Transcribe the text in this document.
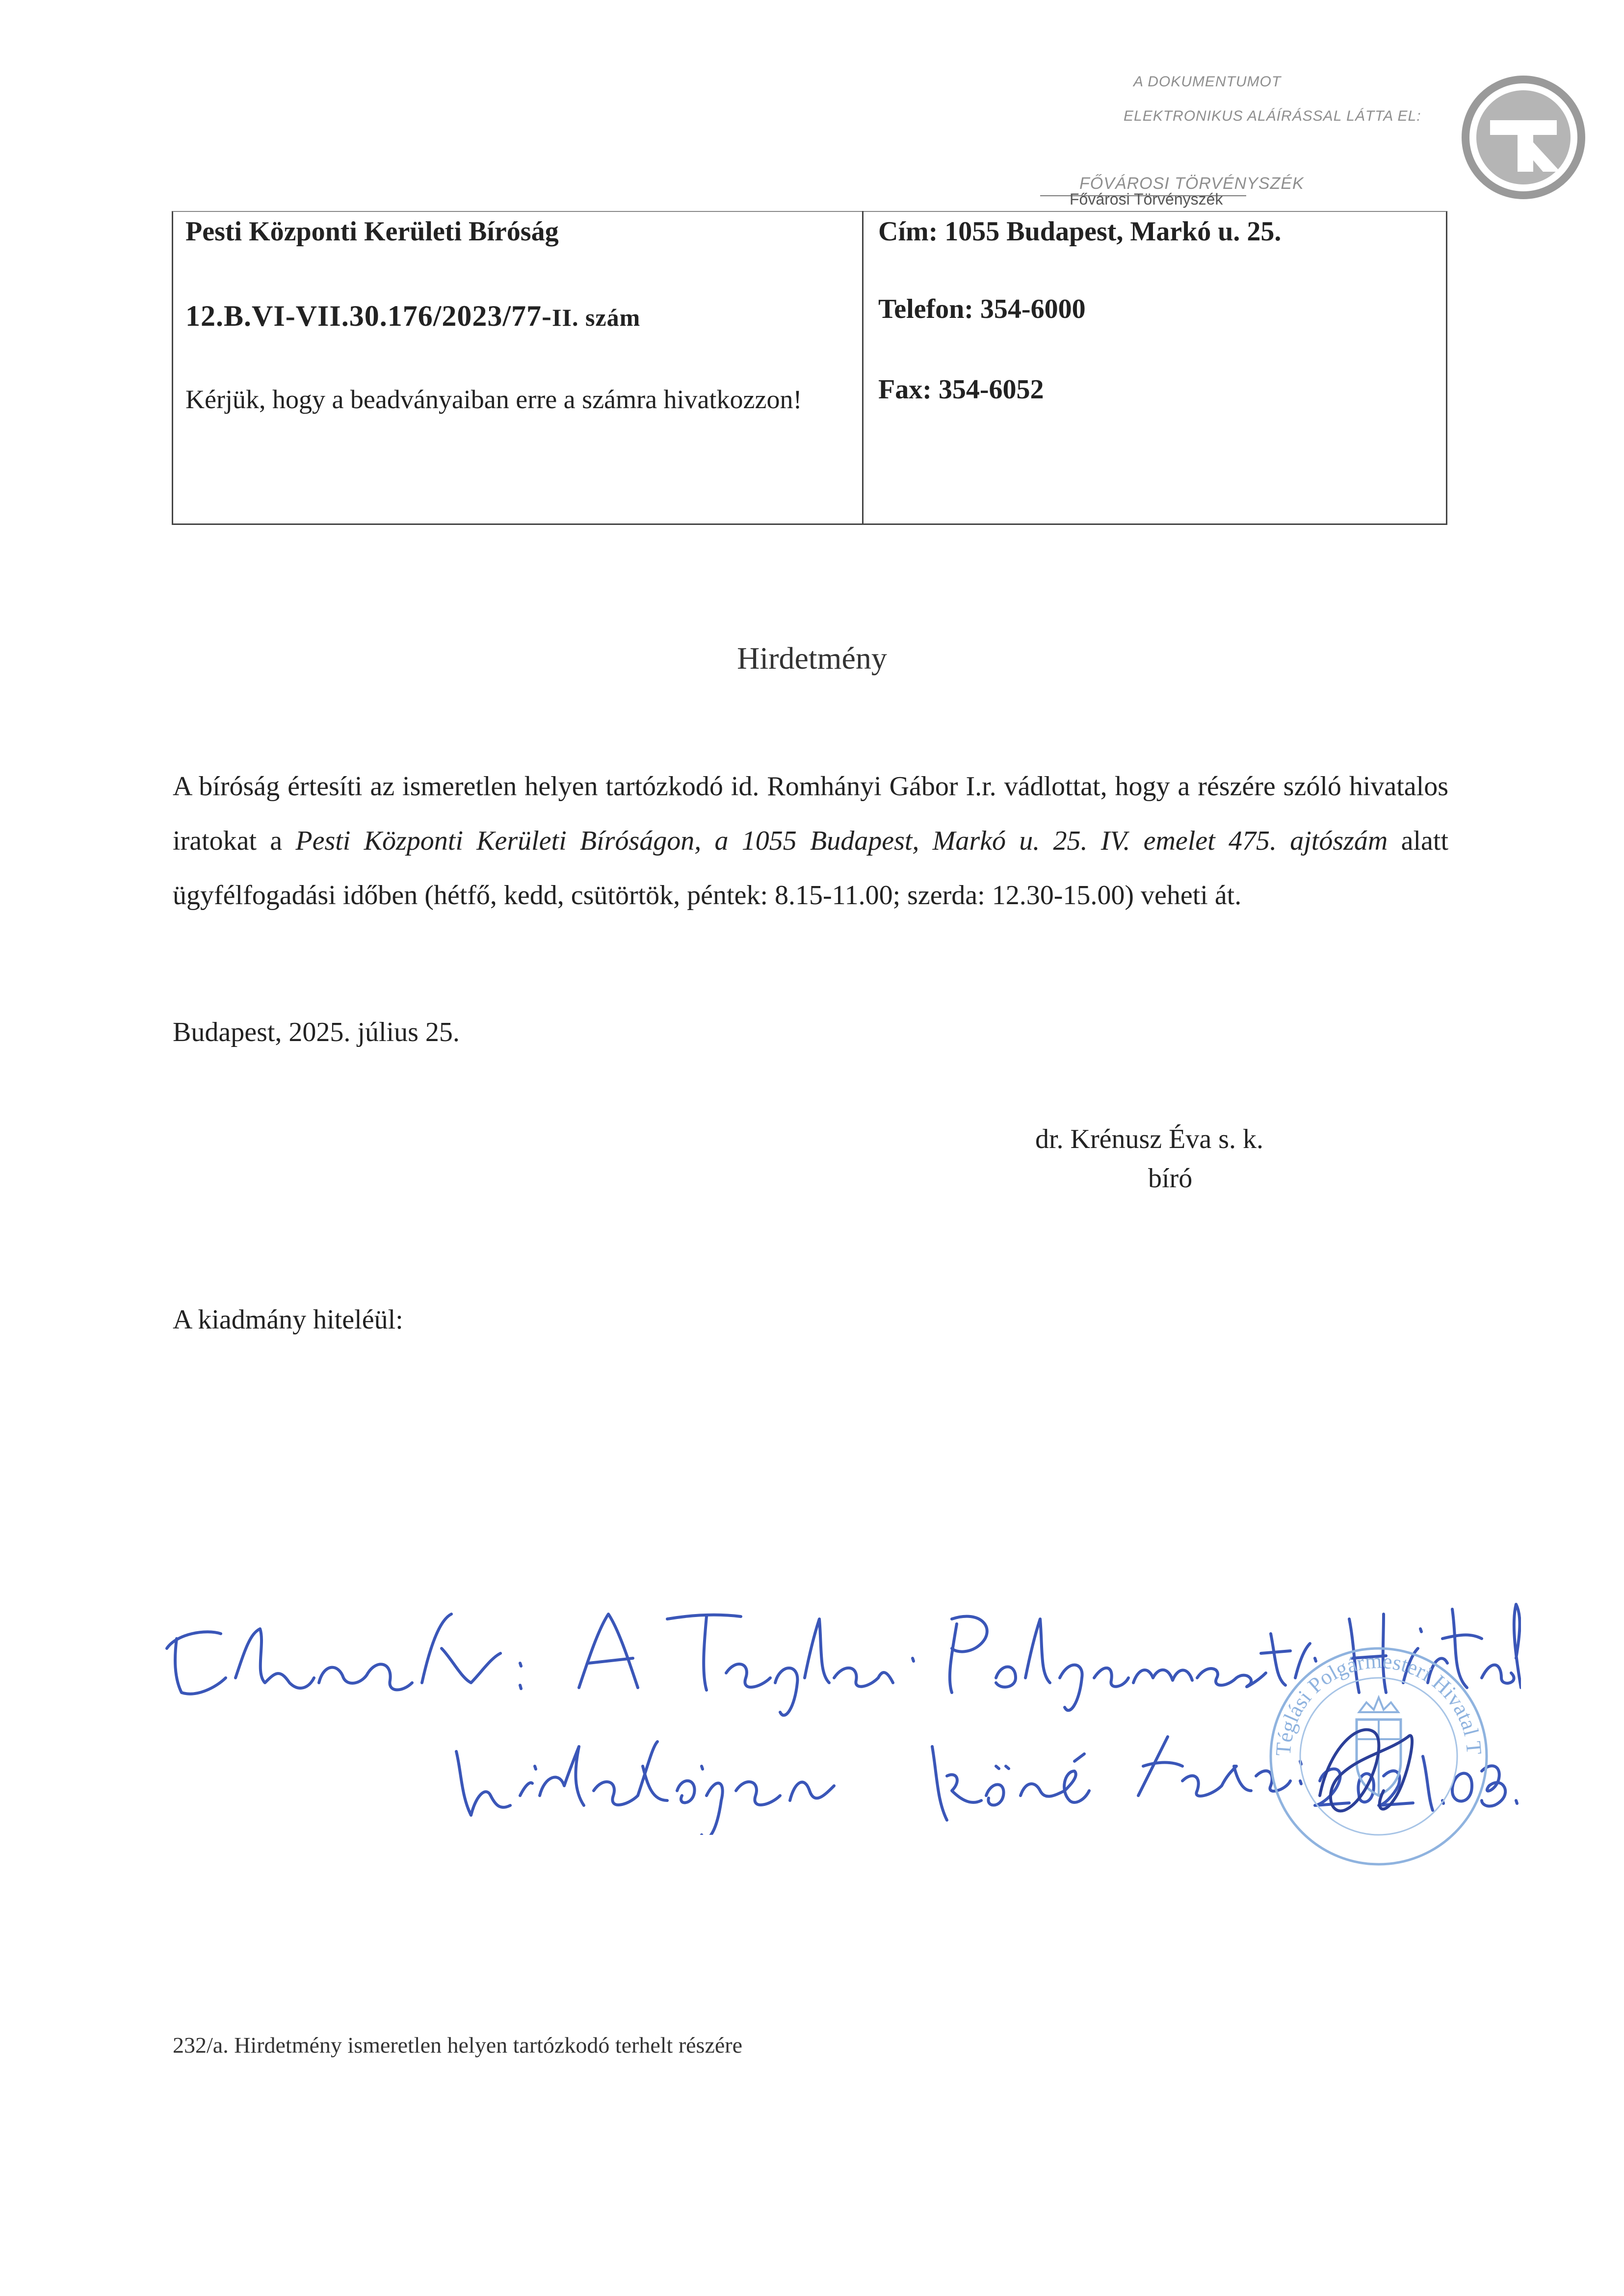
A DOKUMENTUMOT
ELEKTRONIKUS ALÁÍRÁSSAL LÁTTA EL:
FŐVÁROSI TÖRVÉNYSZÉK
Fővárosi Törvényszék
Pesti Központi Kerületi Bíróság
12.B.VI-VII.30.176/2023/77-II. szám
Kérjük, hogy a beadványaiban erre a számra hivatkozzon!
Cím: 1055 Budapest, Markó u. 25.
Telefon: 354-6000
Fax: 354-6052
Hirdetmény
A bíróság értesíti az ismeretlen helyen tartózkodó id. Romhányi Gábor I.r. vádlottat, hogy a részére szóló hivatalos iratokat a Pesti Központi Kerületi Bíróságon, a 1055 Budapest, Markó u. 25. IV. emelet 475. ajtószám alatt ügyfélfogadási időben (hétfő, kedd, csütörtök, péntek: 8.15-11.00; szerda: 12.30-15.00) veheti át.
Budapest, 2025. július 25.
dr. Krénusz Éva s. k.
bíró
A kiadmány hiteléül:
Téglási Polgármesteri Hivatal T
232/a. Hirdetmény ismeretlen helyen tartózkodó terhelt részére
